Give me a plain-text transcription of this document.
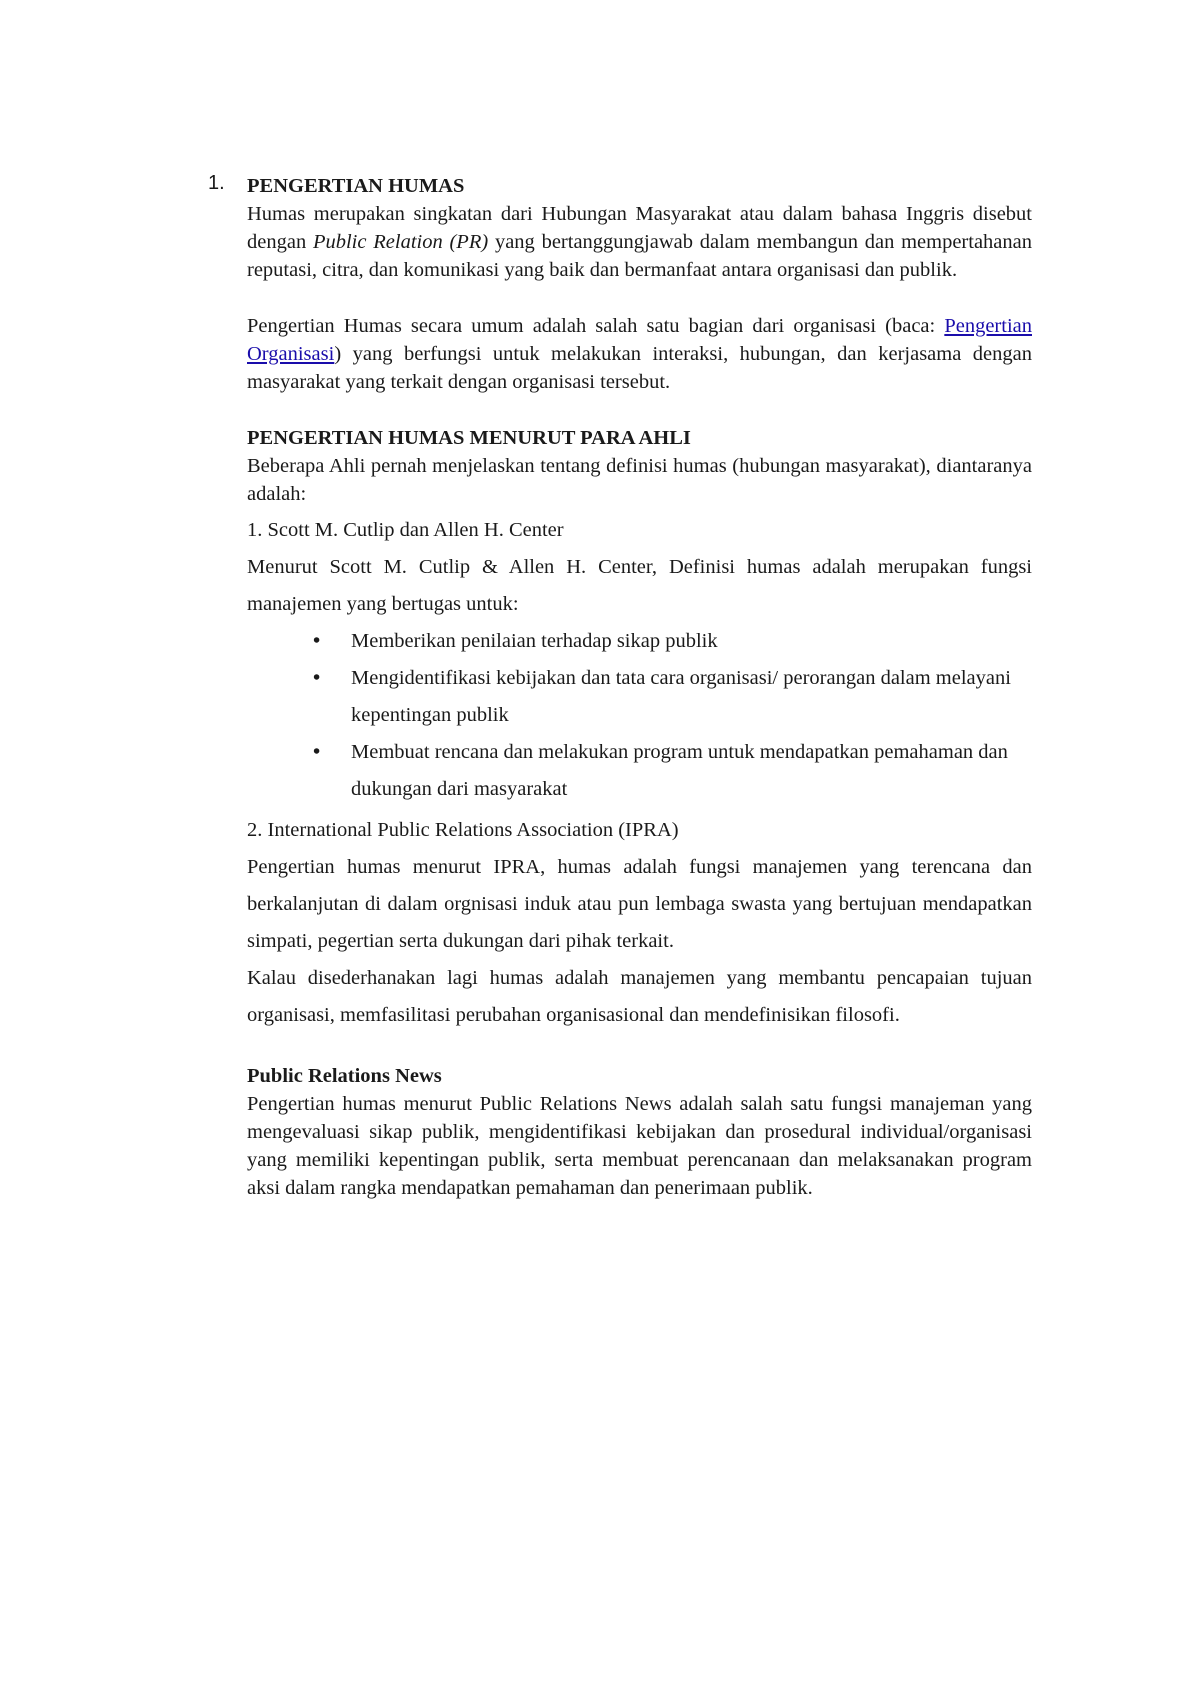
1. PENGERTIAN HUMAS

Humas merupakan singkatan dari Hubungan Masyarakat atau dalam bahasa Inggris disebut dengan Public Relation (PR) yang bertanggungjawab dalam membangun dan mempertahanan reputasi, citra, dan komunikasi yang baik dan bermanfaat antara organisasi dan publik.

Pengertian Humas secara umum adalah salah satu bagian dari organisasi (baca: Pengertian Organisasi) yang berfungsi untuk melakukan interaksi, hubungan, dan kerjasama dengan masyarakat yang terkait dengan organisasi tersebut.

PENGERTIAN HUMAS MENURUT PARA AHLI

Beberapa Ahli pernah menjelaskan tentang definisi humas (hubungan masyarakat), diantaranya adalah:

1. Scott M. Cutlip dan Allen H. Center

Menurut Scott M. Cutlip & Allen H. Center, Definisi humas adalah merupakan fungsi manajemen yang bertugas untuk:

• Memberikan penilaian terhadap sikap publik
• Mengidentifikasi kebijakan dan tata cara organisasi/ perorangan dalam melayani kepentingan publik
• Membuat rencana dan melakukan program untuk mendapatkan pemahaman dan dukungan dari masyarakat

2. International Public Relations Association (IPRA)

Pengertian humas menurut IPRA, humas adalah fungsi manajemen yang terencana dan berkalanjutan di dalam orgnisasi induk atau pun lembaga swasta yang bertujuan mendapatkan simpati, pegertian serta dukungan dari pihak terkait.

Kalau disederhanakan lagi humas adalah manajemen yang membantu pencapaian tujuan organisasi, memfasilitasi perubahan organisasional dan mendefinisikan filosofi.

Public Relations News

Pengertian humas menurut Public Relations News adalah salah satu fungsi manajeman yang mengevaluasi sikap publik, mengidentifikasi kebijakan dan prosedural individual/organisasi yang memiliki kepentingan publik, serta membuat perencanaan dan melaksanakan program aksi dalam rangka mendapatkan pemahaman dan penerimaan publik.
